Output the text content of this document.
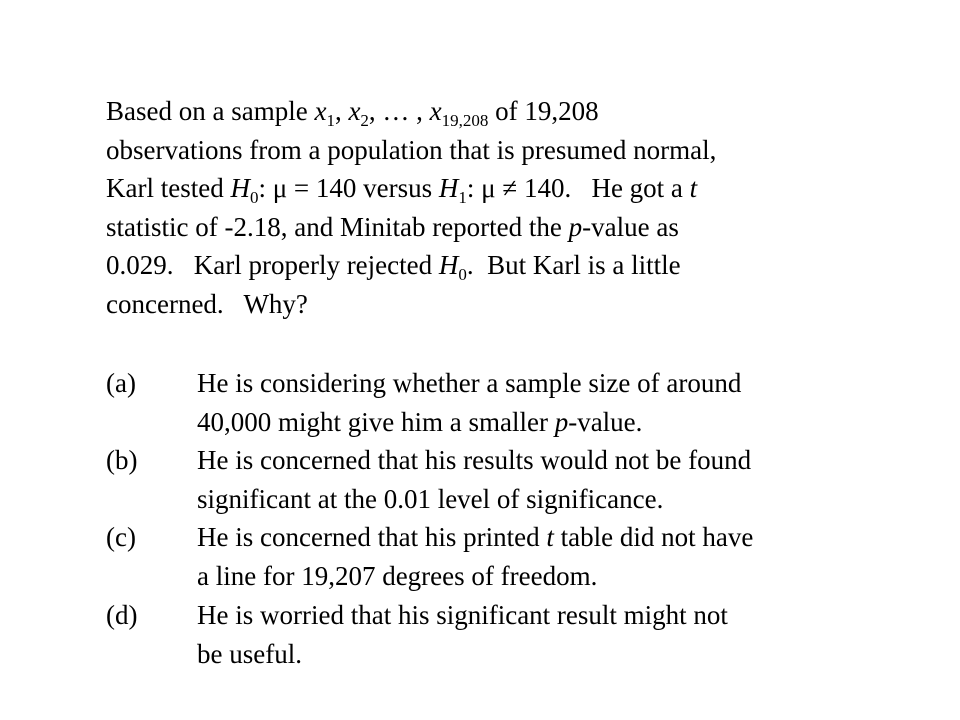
Based on a sample $x_1$, $x_2$, … , $x_{19,208}$ of 19,208
observations from a population that is presumed normal,
Karl tested $H_0$: μ = 140 versus $H_1$: μ ≠ 140.   He got a t
statistic of -2.18, and Minitab reported the p-value as
0.029.   Karl properly rejected $H_0$.  But Karl is a little
concerned.   Why?
(a) He is considering whether a sample size of around
40,000 might give him a smaller p-value.
(b) He is concerned that his results would not be found
significant at the 0.01 level of significance.
(c) He is concerned that his printed t table did not have
a line for 19,207 degrees of freedom.
(d) He is worried that his significant result might not
be useful.
